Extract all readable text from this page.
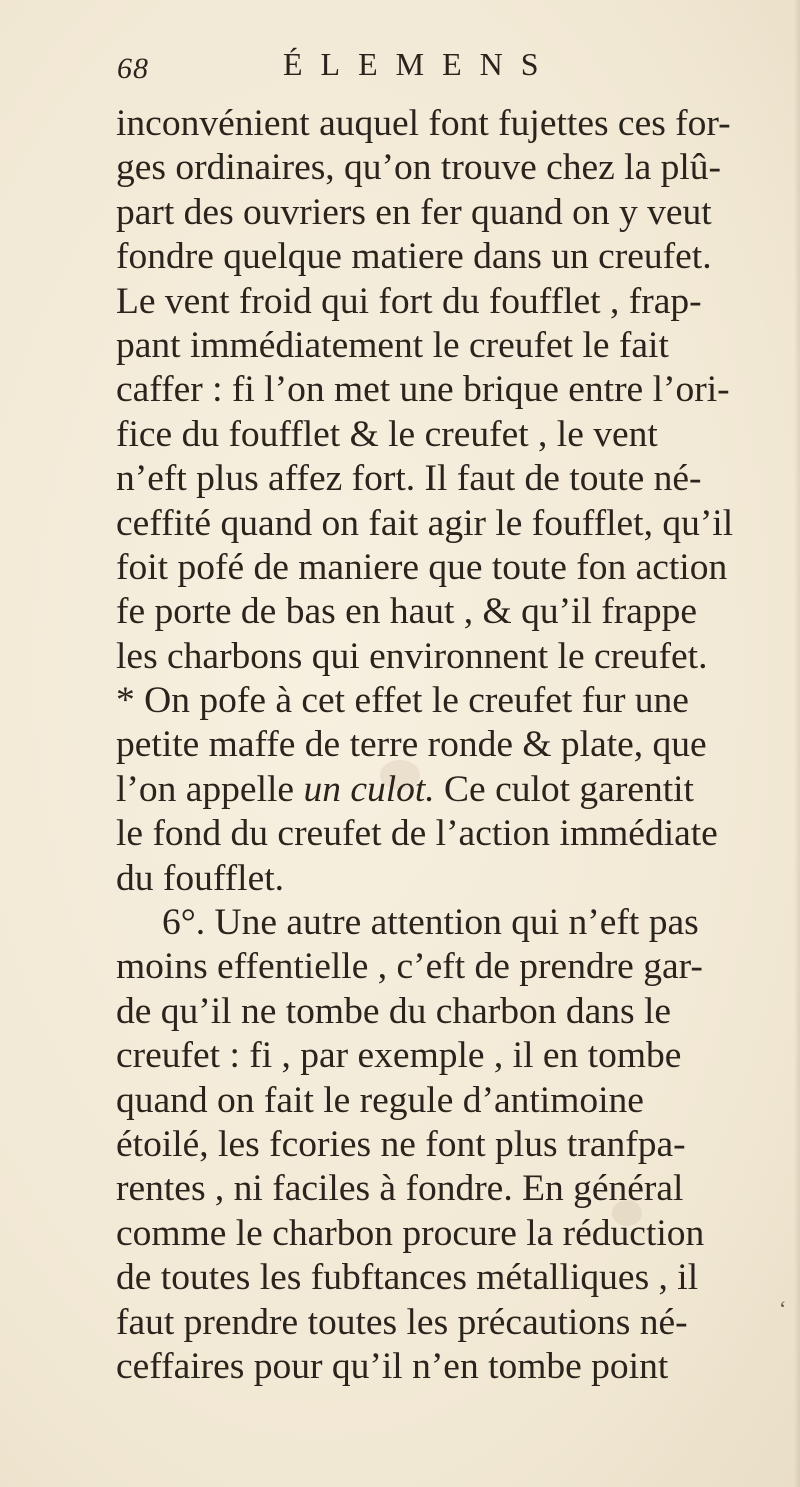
68	ÉLEMENS
inconvénient auquel font fujettes ces for-
ges ordinaires, qu’on trouve chez la plû-
part des ouvriers en fer quand on y veut
fondre quelque matiere dans un creufet.
Le vent froid qui fort du foufflet , frap-
pant immédiatement le creufet le fait
caffer : fi l’on met une brique entre l’ori-
fice du foufflet & le creufet , le vent
n’eft plus affez fort. Il faut de toute né-
ceffité quand on fait agir le foufflet, qu’il
foit pofé de maniere que toute fon action
fe porte de bas en haut , & qu’il frappe
les charbons qui environnent le creufet.
* On pofe à cet effet le creufet fur une
petite maffe de terre ronde & plate, que
l’on appelle un culot. Ce culot garentit
le fond du creufet de l’action immédiate
du foufflet.
6°. Une autre attention qui n’eft pas
moins effentielle , c’eft de prendre gar-
de qu’il ne tombe du charbon dans le
creufet : fi , par exemple , il en tombe
quand on fait le regule d’antimoine
étoilé, les fcories ne font plus tranfpa-
rentes , ni faciles à fondre. En général
comme le charbon procure la réduction
de toutes les fubftances métalliques , il
faut prendre toutes les précautions né-
ceffaires pour qu’il n’en tombe point
‘
